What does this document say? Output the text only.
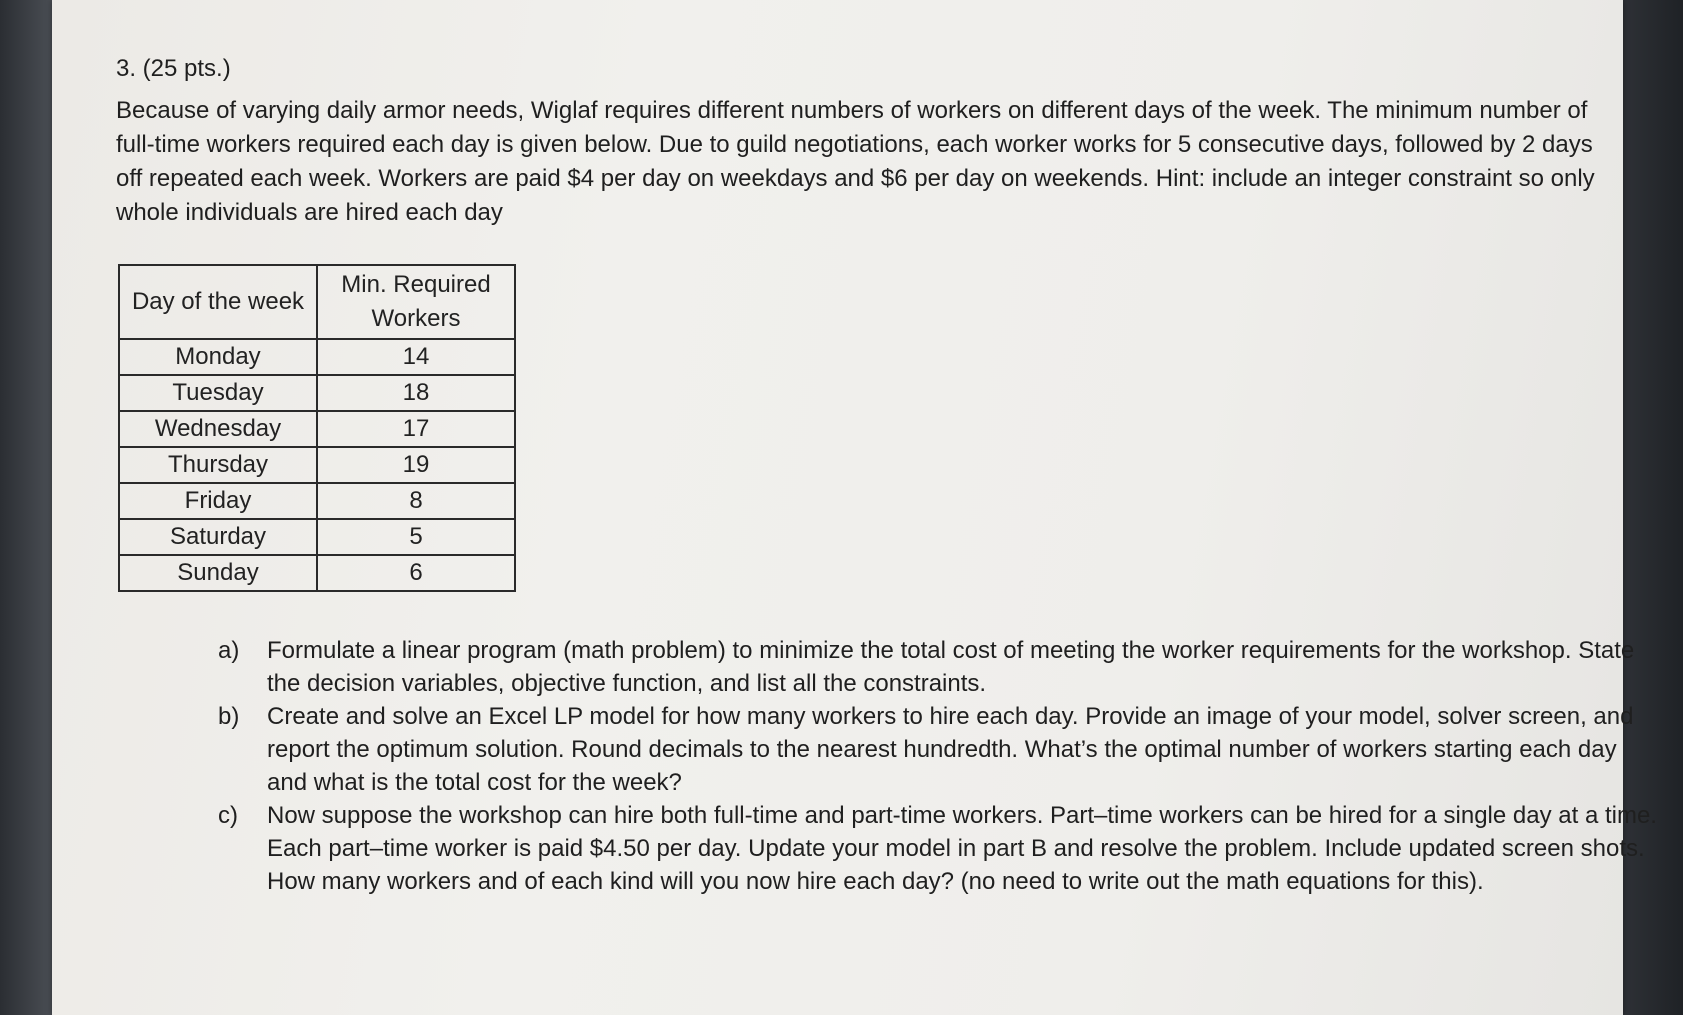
3. (25 pts.)

Because of varying daily armor needs, Wiglaf requires different numbers of workers on different days of the week. The minimum number of full-time workers required each day is given below. Due to guild negotiations, each worker works for 5 consecutive days, followed by 2 days off repeated each week. Workers are paid $4 per day on weekdays and $6 per day on weekends. Hint: include an integer constraint so only whole individuals are hired each day

Day of the week	Min. Required Workers
Monday	14
Tuesday	18
Wednesday	17
Thursday	19
Friday	8
Saturday	5
Sunday	6
a) Formulate a linear program (math problem) to minimize the total cost of meeting the worker requirements for the workshop. State the decision variables, objective function, and list all the constraints.
b) Create and solve an Excel LP model for how many workers to hire each day. Provide an image of your model, solver screen, and report the optimum solution. Round decimals to the nearest hundredth. What’s the optimal number of workers starting each day and what is the total cost for the week?
c) Now suppose the workshop can hire both full-time and part-time workers. Part–time workers can be hired for a single day at a time. Each part–time worker is paid $4.50 per day. Update your model in part B and resolve the problem. Include updated screen shots. How many workers and of each kind will you now hire each day? (no need to write out the math equations for this).
